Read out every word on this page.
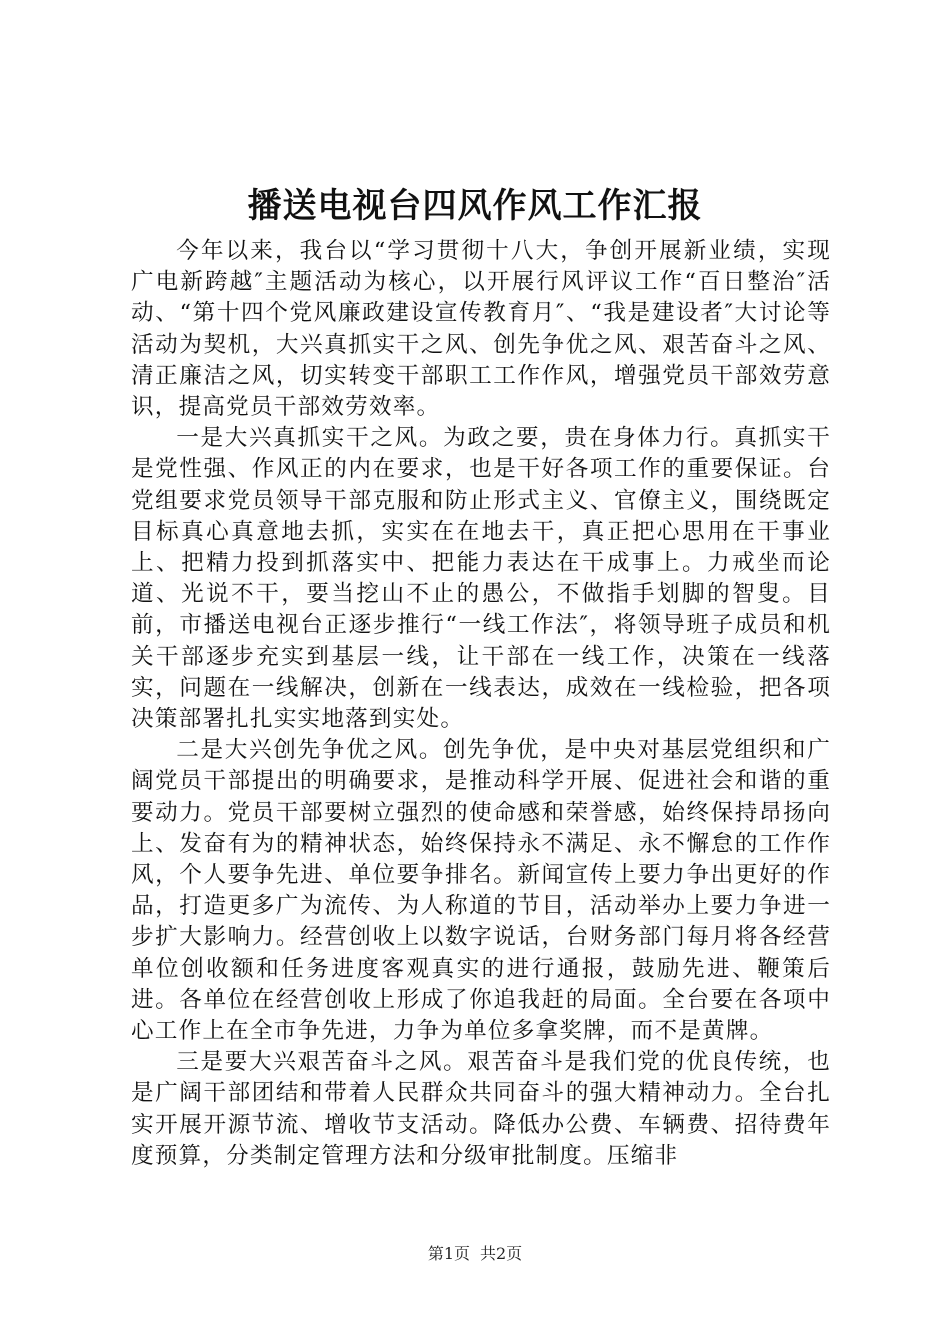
播送电视台四风作风工作汇报

今年以来，我台以“学习贯彻十八大，争创开展新业绩，实现广电新跨越″主题活动为核心，以开展行风评议工作“百日整治″活动、“第十四个党风廉政建设宣传教育月″、“我是建设者″大讨论等活动为契机，大兴真抓实干之风、创先争优之风、艰苦奋斗之风、清正廉洁之风，切实转变干部职工工作作风，增强党员干部效劳意识，提高党员干部效劳效率。

一是大兴真抓实干之风。为政之要，贵在身体力行。真抓实干是党性强、作风正的内在要求，也是干好各项工作的重要保证。台党组要求党员领导干部克服和防止形式主义、官僚主义，围绕既定目标真心真意地去抓，实实在在地去干，真正把心思用在干事业上、把精力投到抓落实中、把能力表达在干成事上。力戒坐而论道、光说不干，要当挖山不止的愚公，不做指手划脚的智叟。目前，市播送电视台正逐步推行“一线工作法″，将领导班子成员和机关干部逐步充实到基层一线，让干部在一线工作，决策在一线落实，问题在一线解决，创新在一线表达，成效在一线检验，把各项决策部署扎扎实实地落到实处。

二是大兴创先争优之风。创先争优，是中央对基层党组织和广阔党员干部提出的明确要求，是推动科学开展、促进社会和谐的重要动力。党员干部要树立强烈的使命感和荣誉感，始终保持昂扬向上、发奋有为的精神状态，始终保持永不满足、永不懈怠的工作作风，个人要争先进、单位要争排名。新闻宣传上要力争出更好的作品，打造更多广为流传、为人称道的节目，活动举办上要力争进一步扩大影响力。经营创收上以数字说话，台财务部门每月将各经营单位创收额和任务进度客观真实的进行通报，鼓励先进、鞭策后进。各单位在经营创收上形成了你追我赶的局面。全台要在各项中心工作上在全市争先进，力争为单位多拿奖牌，而不是黄牌。

三是要大兴艰苦奋斗之风。艰苦奋斗是我们党的优良传统，也是广阔干部团结和带着人民群众共同奋斗的强大精神动力。全台扎实开展开源节流、增收节支活动。降低办公费、车辆费、招待费年度预算，分类制定管理方法和分级审批制度。压缩非

第1页 共2页
